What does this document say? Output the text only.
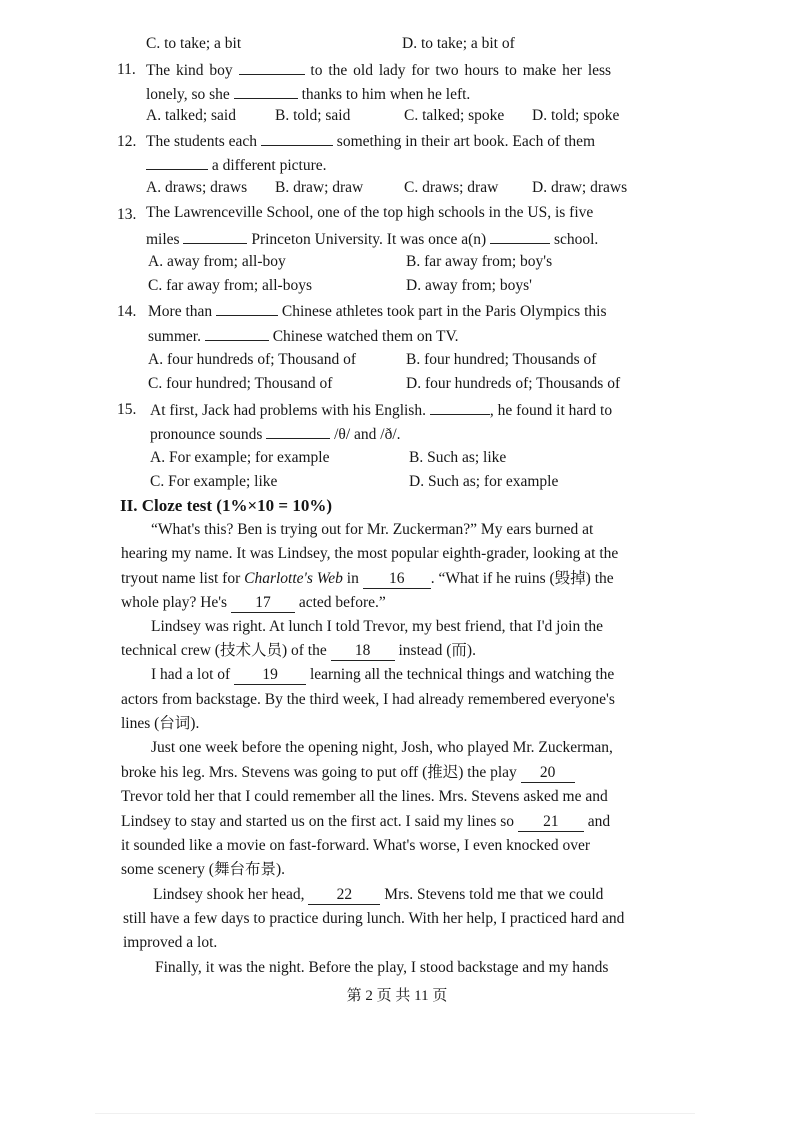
C. to take; a bit	D. to take; a bit of
11. The kind boy	to the old lady for two hours to make her less
lonely, so she	thanks to him when he left.
A. talked; said	B. told; said	C. talked; spoke D. told; spoke
12. The students each	something in their art book. Each of them
a different picture.
A. draws; draws B. draw; draw	C. draws; draw D. draw; draws
13. The Lawrenceville School, one of the top high schools in the US, is five
miles	Princeton University. It was once a(n)	school.
A. away from; all-boy	B. far away from; boy's
C. far away from; all-boys	D. away from; boys'
14. More than	Chinese athletes took part in the Paris Olympics this
summer.	Chinese watched them on TV.
A. four hundreds of; Thousand of	B. four hundred; Thousands of
C. four hundred; Thousand of	D. four hundreds of; Thousands of
15. At first, Jack had problems with his English.	, he found it hard to
pronounce sounds	/θ/ and /ð/.
A. For example; for example	B. Such as; like
C. For example; like	D. Such as; for example
II. Cloze test (1%×10 = 10%)
“What's this? Ben is trying out for Mr. Zuckerman?” My ears burned at
hearing my name. It was Lindsey, the most popular eighth-grader, looking at the
tryout name list for Charlotte's Web in 16 . “What if he ruins (毁掉) the
whole play? He's 17 acted before.”
Lindsey was right. At lunch I told Trevor, my best friend, that I'd join the
technical crew (技术人员) of the 18 instead (而).
I had a lot of 19 learning all the technical things and watching the
actors from backstage. By the third week, I had already remembered everyone's
lines (台词).
Just one week before the opening night, Josh, who played Mr. Zuckerman,
broke his leg. Mrs. Stevens was going to put off (推迟) the play 20
Trevor told her that I could remember all the lines. Mrs. Stevens asked me and
Lindsey to stay and started us on the first act. I said my lines so 21 and
it sounded like a movie on fast-forward. What's worse, I even knocked over
some scenery (舞台布景).
Lindsey shook her head, 22 Mrs. Stevens told me that we could
still have a few days to practice during lunch. With her help, I practiced hard and
improved a lot.
Finally, it was the night. Before the play, I stood backstage and my hands
第 2 页 共 11 页
